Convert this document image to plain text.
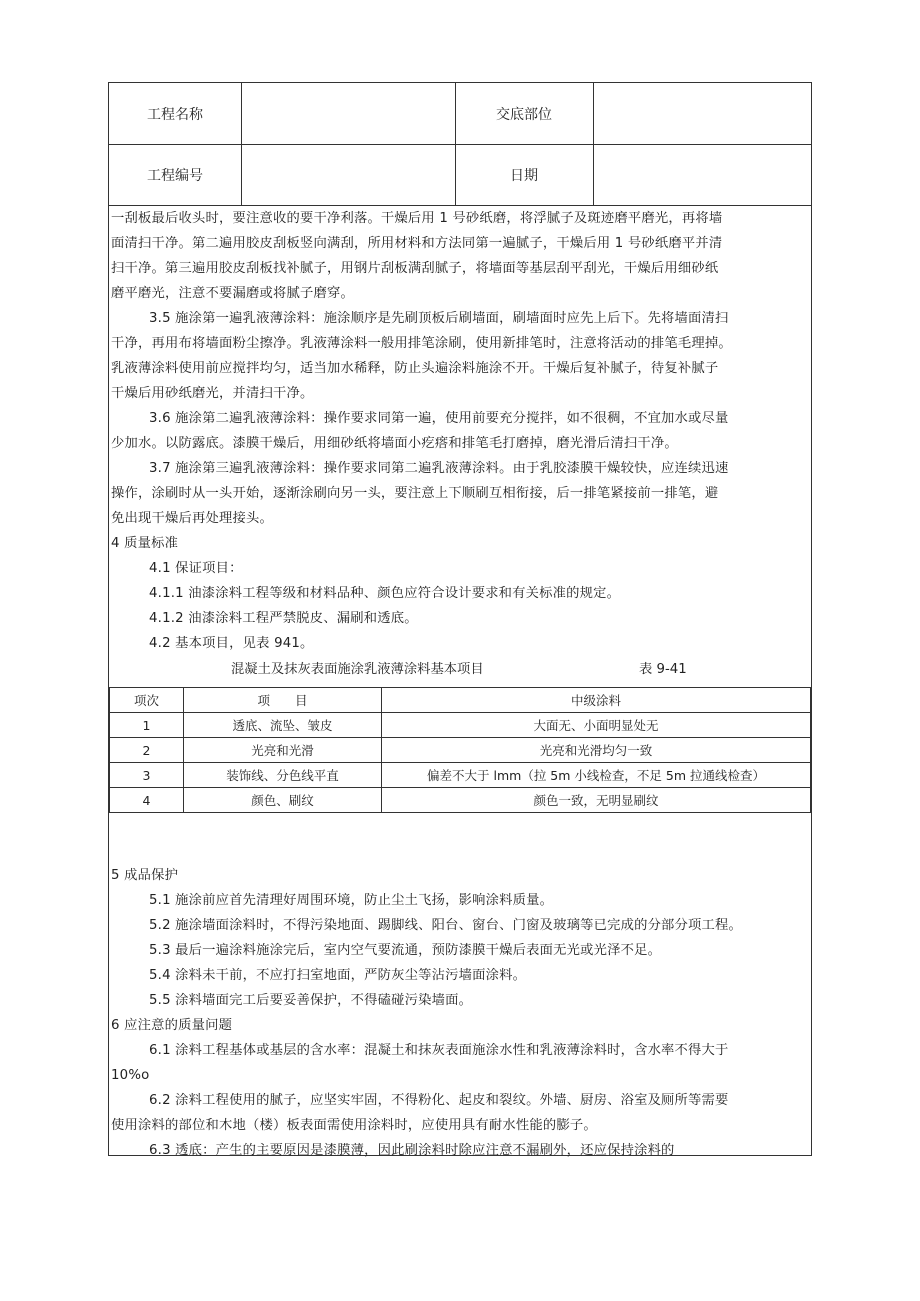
工程名称	交底部位
工程编号	日期
一刮板最后收头时，要注意收的要干净利落。干燥后用 1 号砂纸磨，将浮腻子及斑迹磨平磨光，再将墙
面清扫干净。第二遍用胶皮刮板竖向满刮，所用材料和方法同第一遍腻子，干燥后用 1 号砂纸磨平并清
扫干净。第三遍用胶皮刮板找补腻子，用钢片刮板满刮腻子，将墙面等基层刮平刮光，干燥后用细砂纸
磨平磨光，注意不要漏磨或将腻子磨穿。
3.5 施涂第一遍乳液薄涂料：施涂顺序是先刷顶板后刷墙面，刷墙面时应先上后下。先将墙面清扫
干净，再用布将墙面粉尘擦净。乳液薄涂料一般用排笔涂刷，使用新排笔时，注意将活动的排笔毛理掉。
乳液薄涂料使用前应搅拌均匀，适当加水稀释，防止头遍涂料施涂不开。干燥后复补腻子，待复补腻子
干燥后用砂纸磨光，并清扫干净。
3.6 施涂第二遍乳液薄涂料：操作要求同第一遍，使用前要充分搅拌，如不很稠，不宜加水或尽量
少加水。以防露底。漆膜干燥后，用细砂纸将墙面小疙瘩和排笔毛打磨掉，磨光滑后清扫干净。
3.7 施涂第三遍乳液薄涂料：操作要求同第二遍乳液薄涂料。由于乳胶漆膜干燥较快，应连续迅速
操作，涂刷时从一头开始，逐渐涂刷向另一头，要注意上下顺刷互相衔接，后一排笔紧接前一排笔，避
免出现干燥后再处理接头。
4 质量标准
4.1 保证项目：
4.1.1 油漆涂料工程等级和材料品种、颜色应符合设计要求和有关标准的规定。
4.1.2 油漆涂料工程严禁脱皮、漏刷和透底。
4.2 基本项目，见表 941。
混凝土及抹灰表面施涂乳液薄涂料基本项目	表 9-41
项次	项　　目	中级涂料
1	透底、流坠、皱皮	大面无、小面明显处无
2	光亮和光滑	光亮和光滑均匀一致
3	装饰线、分色线平直	偏差不大于 lmm（拉 5m 小线检查，不足 5m 拉通线检查）
4	颜色、刷纹	颜色一致，无明显刷纹
5 成品保护
5.1 施涂前应首先清理好周围环境，防止尘土飞扬，影响涂料质量。
5.2 施涂墙面涂料时，不得污染地面、踢脚线、阳台、窗台、门窗及玻璃等已完成的分部分项工程。
5.3 最后一遍涂料施涂完后，室内空气要流通，预防漆膜干燥后表面无光或光泽不足。
5.4 涂料未干前，不应打扫室地面，严防灰尘等沾污墙面涂料。
5.5 涂料墙面完工后要妥善保护，不得磕碰污染墙面。
6 应注意的质量问题
6.1 涂料工程基体或基层的含水率：混凝土和抹灰表面施涂水性和乳液薄涂料时，含水率不得大于
10%o
6.2 涂料工程使用的腻子，应坚实牢固，不得粉化、起皮和裂纹。外墙、厨房、浴室及厕所等需要
使用涂料的部位和木地（楼）板表面需使用涂料时，应使用具有耐水性能的膨子。
6.3 透底：产生的主要原因是漆膜薄，因此刷涂料时除应注意不漏刷外，还应保持涂料的
